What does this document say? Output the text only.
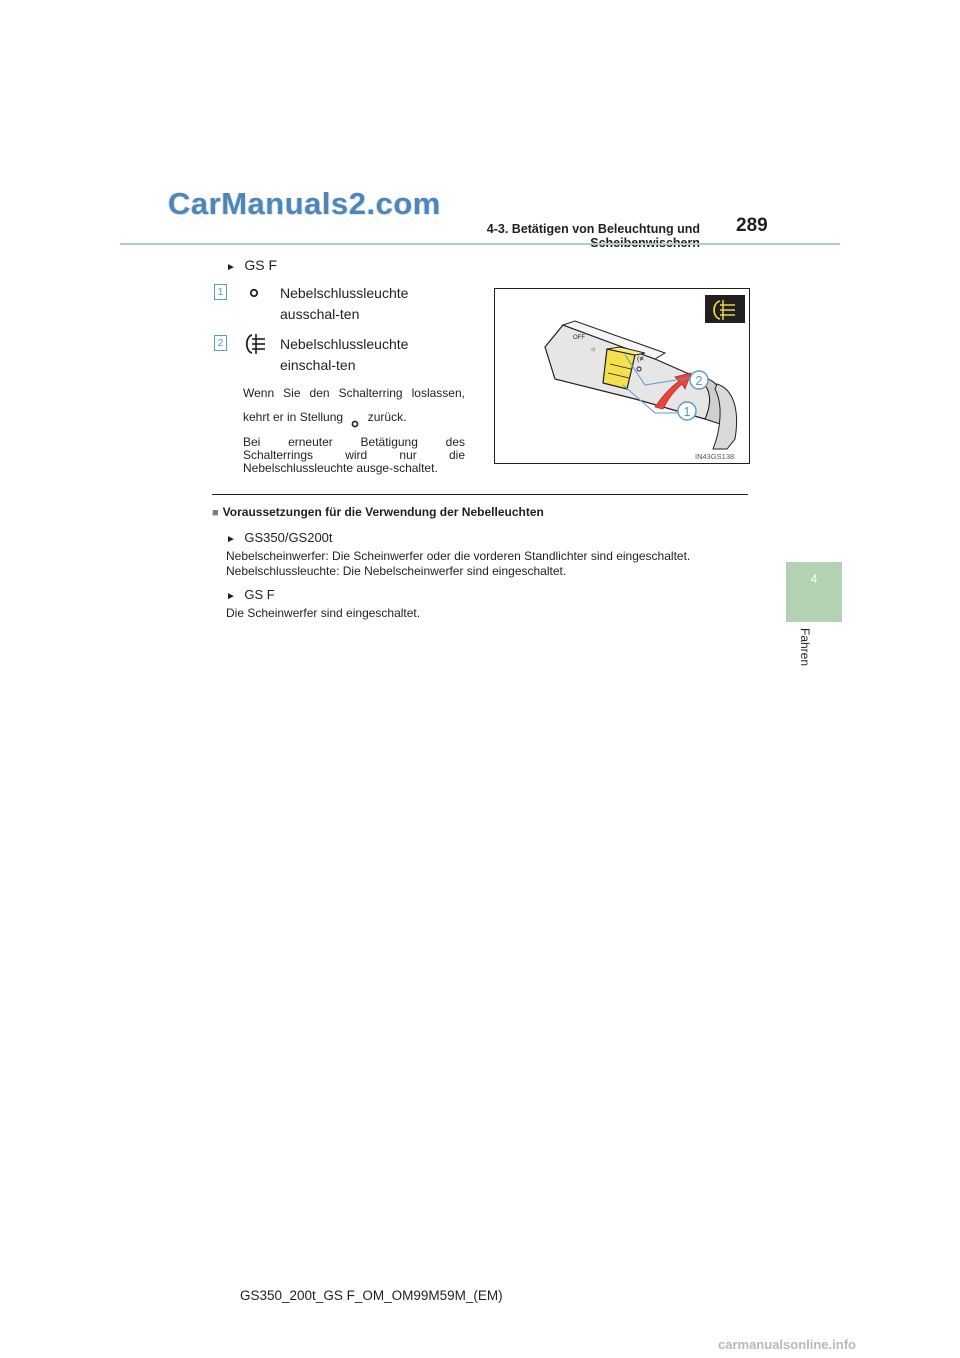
CarManuals2.com
4-3. Betätigen von Beleuchtung und 289
4
Fahren
► GS F
1	Nebelschlussleuchte ausschal-ten
2	Nebelschlussleuchte einschal-ten
Wenn Sie den Schalterring loslassen, kehrt er in Stellung zurück.
Bei erneuter Betätigung des Schalterrings wird nur die Nebelschlussleuchte ausge-schaltet.
OFF
☼
(≢
2
1
IN43GS138
■ Voraussetzungen für die Verwendung der Nebelleuchten
► GS350/GS200t
Nebelscheinwerfer: Die Scheinwerfer oder die vorderen Standlichter sind eingeschaltet.
Nebelschlussleuchte: Die Nebelscheinwerfer sind eingeschaltet.
► GS F
Die Scheinwerfer sind eingeschaltet.
GS350_200t_GS F_OM_OM99M59M_(EM)
carmanualsonline.info
